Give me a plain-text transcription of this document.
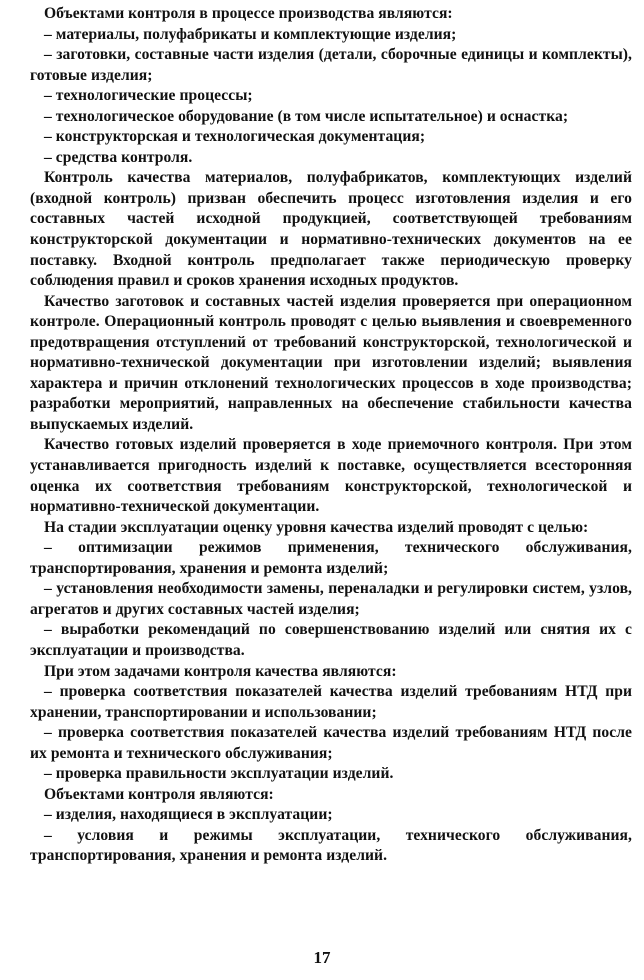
Объектами контроля в процессе производства являются:

– материалы, полуфабрикаты и комплектующие изделия;

– заготовки, составные части изделия (детали, сборочные единицы и комплекты), готовые изделия;

– технологические процессы;

– технологическое оборудование (в том числе испытательное) и оснастка;

– конструкторская и технологическая документация;

– средства контроля.

Контроль качества материалов, полуфабрикатов, комплектующих изделий (входной контроль) призван обеспечить процесс изготовления изделия и его составных частей исходной продукцией, соответствующей требованиям конструкторской документации и нормативно-технических документов на ее поставку. Входной контроль предполагает также периодическую проверку соблюдения правил и сроков хранения исходных продуктов.

Качество заготовок и составных частей изделия проверяется при операционном контроле. Операционный контроль проводят с целью выявления и своевременного предотвращения отступлений от требований конструкторской, технологической и нормативно-технической документации при изготовлении изделий; выявления характера и причин отклонений технологических процессов в ходе производства; разработки мероприятий, направленных на обеспечение стабильности качества выпускаемых изделий.

Качество готовых изделий проверяется в ходе приемочного контроля. При этом устанавливается пригодность изделий к поставке, осуществляется всесторонняя оценка их соответствия требованиям конструкторской, технологической и нормативно-технической документации.

На стадии эксплуатации оценку уровня качества изделий проводят с целью:

– оптимизации режимов применения, технического обслуживания, транспортирования, хранения и ремонта изделий;

– установления необходимости замены, переналадки и регулировки систем, узлов, агрегатов и других составных частей изделия;

– выработки рекомендаций по совершенствованию изделий или снятия их с эксплуатации и производства.

При этом задачами контроля качества являются:

– проверка соответствия показателей качества изделий требованиям НТД при хранении, транспортировании и использовании;

– проверка соответствия показателей качества изделий требованиям НТД после их ремонта и технического обслуживания;

– проверка правильности эксплуатации изделий.

Объектами контроля являются:

– изделия, находящиеся в эксплуатации;

– условия и режимы эксплуатации, технического обслуживания, транспортирования, хранения и ремонта изделий.

17
